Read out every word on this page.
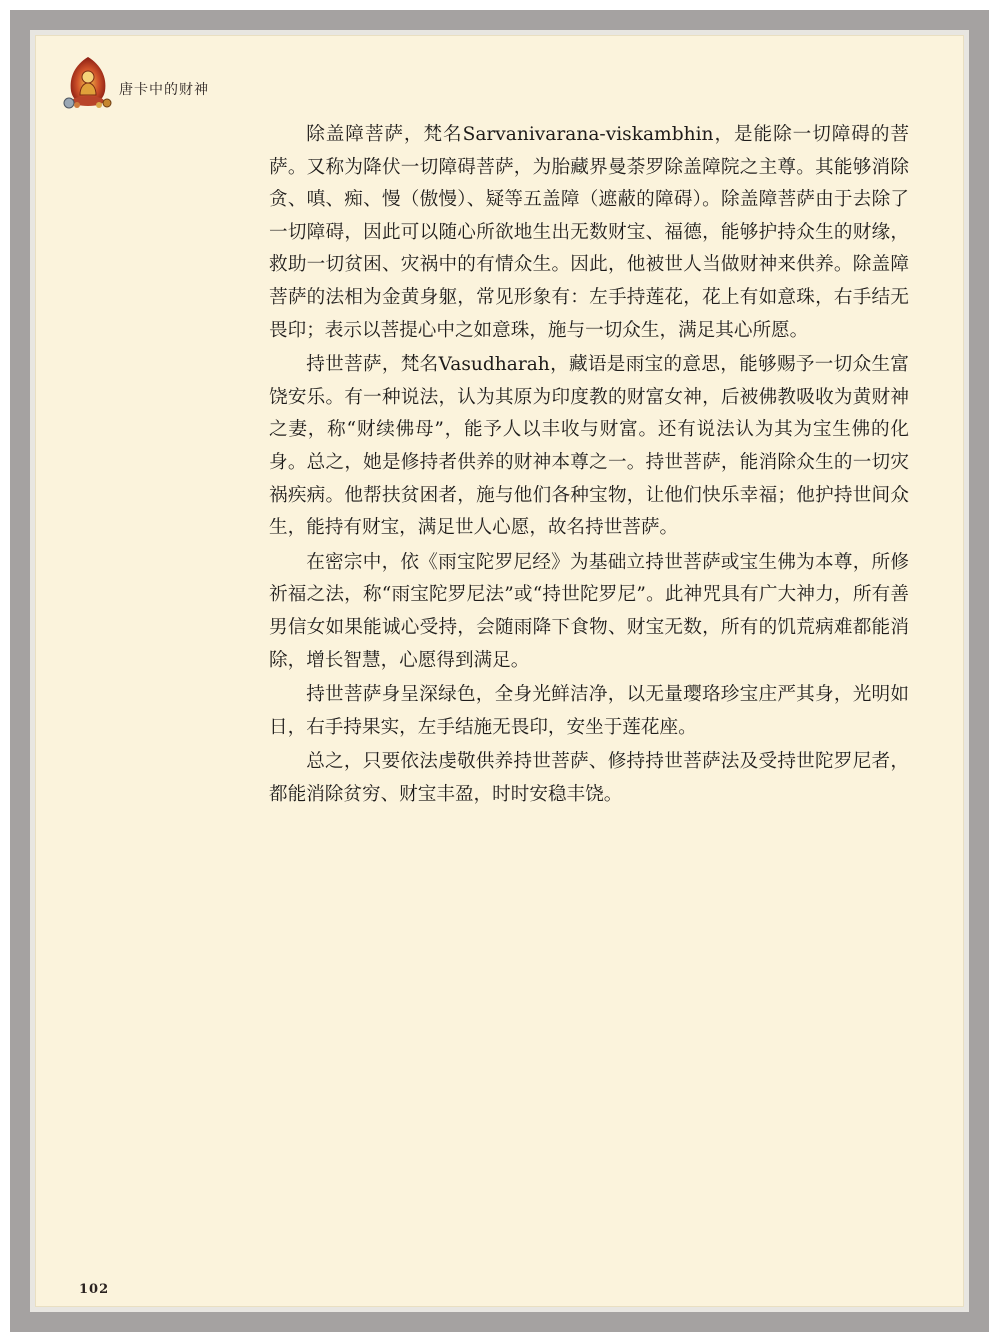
唐卡中的财神

除盖障菩萨，梵名Sarvanivarana-viskambhin，是能除一切障碍的菩萨。又称为降伏一切障碍菩萨，为胎藏界曼荼罗除盖障院之主尊。其能够消除贪、嗔、痴、慢（傲慢）、疑等五盖障（遮蔽的障碍）。除盖障菩萨由于去除了一切障碍，因此可以随心所欲地生出无数财宝、福德，能够护持众生的财缘，救助一切贫困、灾祸中的有情众生。因此，他被世人当做财神来供养。除盖障菩萨的法相为金黄身躯，常见形象有：左手持莲花，花上有如意珠，右手结无畏印；表示以菩提心中之如意珠，施与一切众生，满足其心所愿。

持世菩萨，梵名Vasudharah，藏语是雨宝的意思，能够赐予一切众生富饶安乐。有一种说法，认为其原为印度教的财富女神，后被佛教吸收为黄财神之妻，称“财续佛母”，能予人以丰收与财富。还有说法认为其为宝生佛的化身。总之，她是修持者供养的财神本尊之一。持世菩萨，能消除众生的一切灾祸疾病。他帮扶贫困者，施与他们各种宝物，让他们快乐幸福；他护持世间众生，能持有财宝，满足世人心愿，故名持世菩萨。

在密宗中，依《雨宝陀罗尼经》为基础立持世菩萨或宝生佛为本尊，所修祈福之法，称“雨宝陀罗尼法”或“持世陀罗尼”。此神咒具有广大神力，所有善男信女如果能诚心受持，会随雨降下食物、财宝无数，所有的饥荒病难都能消除，增长智慧，心愿得到满足。

持世菩萨身呈深绿色，全身光鲜洁净，以无量璎珞珍宝庄严其身，光明如日，右手持果实，左手结施无畏印，安坐于莲花座。

总之，只要依法虔敬供养持世菩萨、修持持世菩萨法及受持世陀罗尼者，都能消除贫穷、财宝丰盈，时时安稳丰饶。

102
